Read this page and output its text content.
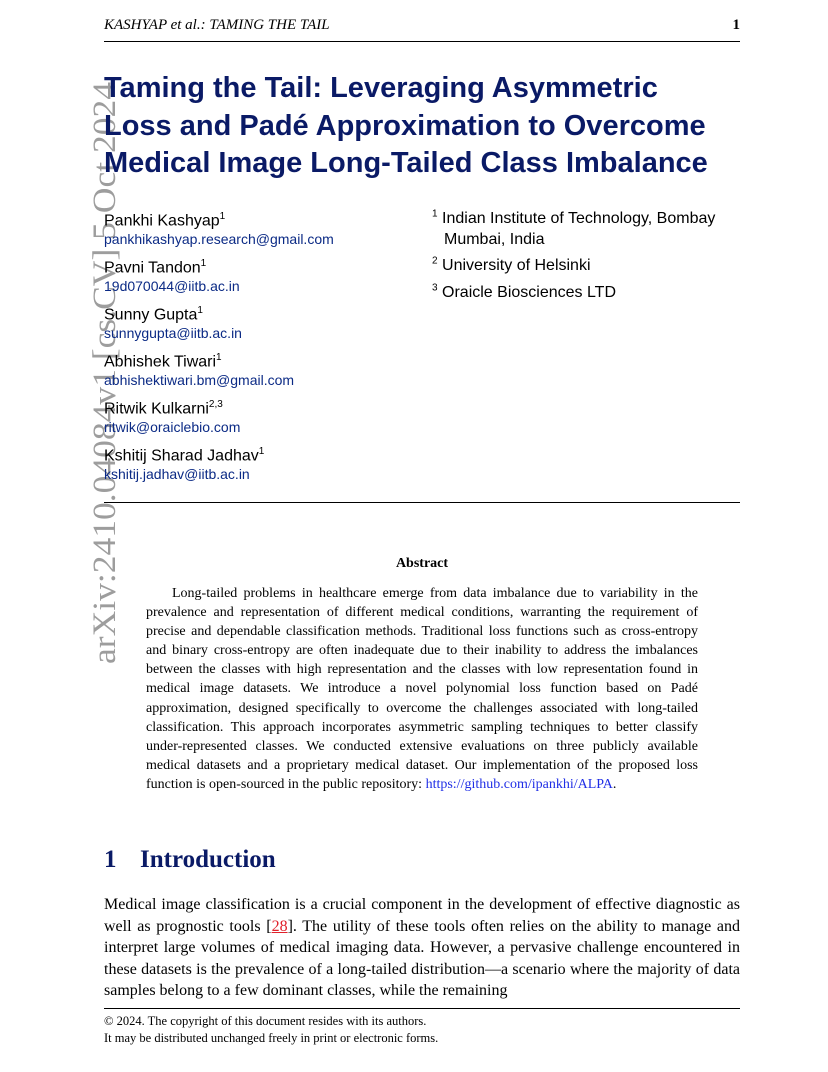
KASHYAP et al.: TAMING THE TAIL	1
arXiv:2410.04084v1 [cs.CV] 5 Oct 2024
Taming the Tail: Leveraging Asymmetric
Loss and Padé Approximation to Overcome
Medical Image Long-Tailed Class Imbalance
Pankhi Kashyap$^1$
pankhikashyap.research@gmail.com
Pavni Tandon$^1$
19d070044@iitb.ac.in
Sunny Gupta$^1$
sunnygupta@iitb.ac.in
Abhishek Tiwari$^1$
abhishektiwari.bm@gmail.com
Ritwik Kulkarni$^{2,3}$
ritwik@oraiclebio.com
Kshitij Sharad Jadhav$^1$
kshitij.jadhav@iitb.ac.in
$^1$ Indian Institute of Technology, Bombay
Mumbai, India
$^2$ University of Helsinki
$^3$ Oraicle Biosciences LTD
Abstract

Long-tailed problems in healthcare emerge from data imbalance due to variability in the prevalence and representation of different medical conditions, warranting the requirement of precise and dependable classification methods. Traditional loss functions such as cross-entropy and binary cross-entropy are often inadequate due to their inability to address the imbalances between the classes with high representation and the classes with low representation found in medical image datasets. We introduce a novel polynomial loss function based on Padé approximation, designed specifically to overcome the challenges associated with long-tailed classification. This approach incorporates asymmetric sampling techniques to better classify under-represented classes. We conducted extensive evaluations on three publicly available medical datasets and a proprietary medical dataset. Our implementation of the proposed loss function is open-sourced in the public repository: https://github.com/ipankhi/ALPA.

1 Introduction

Medical image classification is a crucial component in the development of effective diagnostic as well as prognostic tools [28]. The utility of these tools often relies on the ability to manage and interpret large volumes of medical imaging data. However, a pervasive challenge encountered in these datasets is the prevalence of a long-tailed distribution—a scenario where the majority of data samples belong to a few dominant classes, while the remaining

© 2024. The copyright of this document resides with its authors.
It may be distributed unchanged freely in print or electronic forms.
